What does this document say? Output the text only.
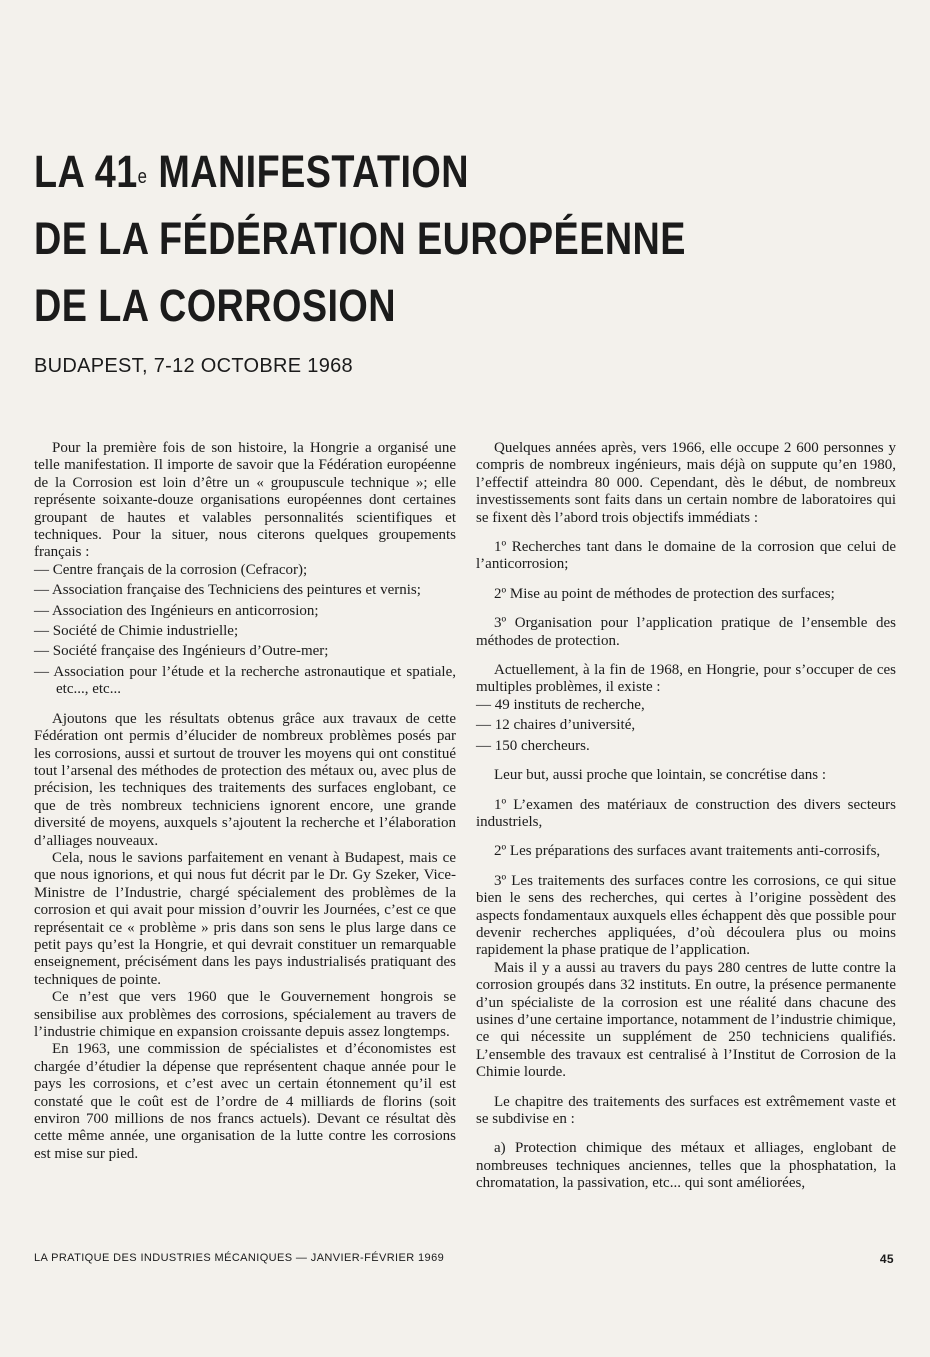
LA 41e MANIFESTATION
DE LA FÉDÉRATION EUROPÉENNE
DE LA CORROSION
BUDAPEST, 7-12 OCTOBRE 1968

Pour la première fois de son histoire, la Hongrie a organisé une telle manifestation. Il importe de savoir que la Fédération européenne de la Corrosion est loin d’être un « groupuscule technique »; elle représente soixante-douze organisations européennes dont certaines groupant de hautes et valables personnalités scientifiques et techniques. Pour la situer, nous citerons quelques groupements français :

— Centre français de la corrosion (Cefracor);
— Association française des Techniciens des peintures et vernis;
— Association des Ingénieurs en anticorrosion;
— Société de Chimie industrielle;
— Société française des Ingénieurs d’Outre-mer;
— Association pour l’étude et la recherche astronautique et spatiale, etc..., etc...

Ajoutons que les résultats obtenus grâce aux travaux de cette Fédération ont permis d’élucider de nombreux problèmes posés par les corrosions, aussi et surtout de trouver les moyens qui ont constitué tout l’arsenal des méthodes de protection des métaux ou, avec plus de précision, les techniques des traitements des surfaces englobant, ce que de très nombreux techniciens ignorent encore, une grande diversité de moyens, auxquels s’ajoutent la recherche et l’élaboration d’alliages nouveaux.

Cela, nous le savions parfaitement en venant à Budapest, mais ce que nous ignorions, et qui nous fut décrit par le Dr. Gy Szeker, Vice-Ministre de l’Industrie, chargé spécialement des problèmes de la corrosion et qui avait pour mission d’ouvrir les Journées, c’est ce que représentait ce « problème » pris dans son sens le plus large dans ce petit pays qu’est la Hongrie, et qui devrait constituer un remarquable enseignement, précisément dans les pays industrialisés pratiquant des techniques de pointe.

Ce n’est que vers 1960 que le Gouvernement hongrois se sensibilise aux problèmes des corrosions, spécialement au travers de l’industrie chimique en expansion croissante depuis assez longtemps.

En 1963, une commission de spécialistes et d’économistes est chargée d’étudier la dépense que représentent chaque année pour le pays les corrosions, et c’est avec un certain étonnement qu’il est constaté que le coût est de l’ordre de 4 milliards de florins (soit environ 700 millions de nos francs actuels). Devant ce résultat dès cette même année, une organisation de la lutte contre les corrosions est mise sur pied.

Quelques années après, vers 1966, elle occupe 2 600 personnes y compris de nombreux ingénieurs, mais déjà on suppute qu’en 1980, l’effectif atteindra 80 000. Cependant, dès le début, de nombreux investissements sont faits dans un certain nombre de laboratoires qui se fixent dès l’abord trois objectifs immédiats :

1º Recherches tant dans le domaine de la corrosion que celui de l’anticorrosion;

2º Mise au point de méthodes de protection des surfaces;

3º Organisation pour l’application pratique de l’ensemble des méthodes de protection.

Actuellement, à la fin de 1968, en Hongrie, pour s’occuper de ces multiples problèmes, il existe :

— 49 instituts de recherche,
— 12 chaires d’université,
— 150 chercheurs.

Leur but, aussi proche que lointain, se concrétise dans :

1º L’examen des matériaux de construction des divers secteurs industriels,

2º Les préparations des surfaces avant traitements anti-corrosifs,

3º Les traitements des surfaces contre les corrosions, ce qui situe bien le sens des recherches, qui certes à l’origine possèdent des aspects fondamentaux auxquels elles échappent dès que possible pour devenir recherches appliquées, d’où découlera plus ou moins rapidement la phase pratique de l’application.

Mais il y a aussi au travers du pays 280 centres de lutte contre la corrosion groupés dans 32 instituts. En outre, la présence permanente d’un spécialiste de la corrosion est une réalité dans chacune des usines d’une certaine importance, notamment de l’industrie chimique, ce qui nécessite un supplément de 250 techniciens qualifiés. L’ensemble des travaux est centralisé à l’Institut de Corrosion de la Chimie lourde.

Le chapitre des traitements des surfaces est extrêmement vaste et se subdivise en :

a) Protection chimique des métaux et alliages, englobant de nombreuses techniques anciennes, telles que la phosphatation, la chromatation, la passivation, etc... qui sont améliorées,

LA PRATIQUE DES INDUSTRIES MÉCANIQUES — JANVIER-FÉVRIER 1969	45
